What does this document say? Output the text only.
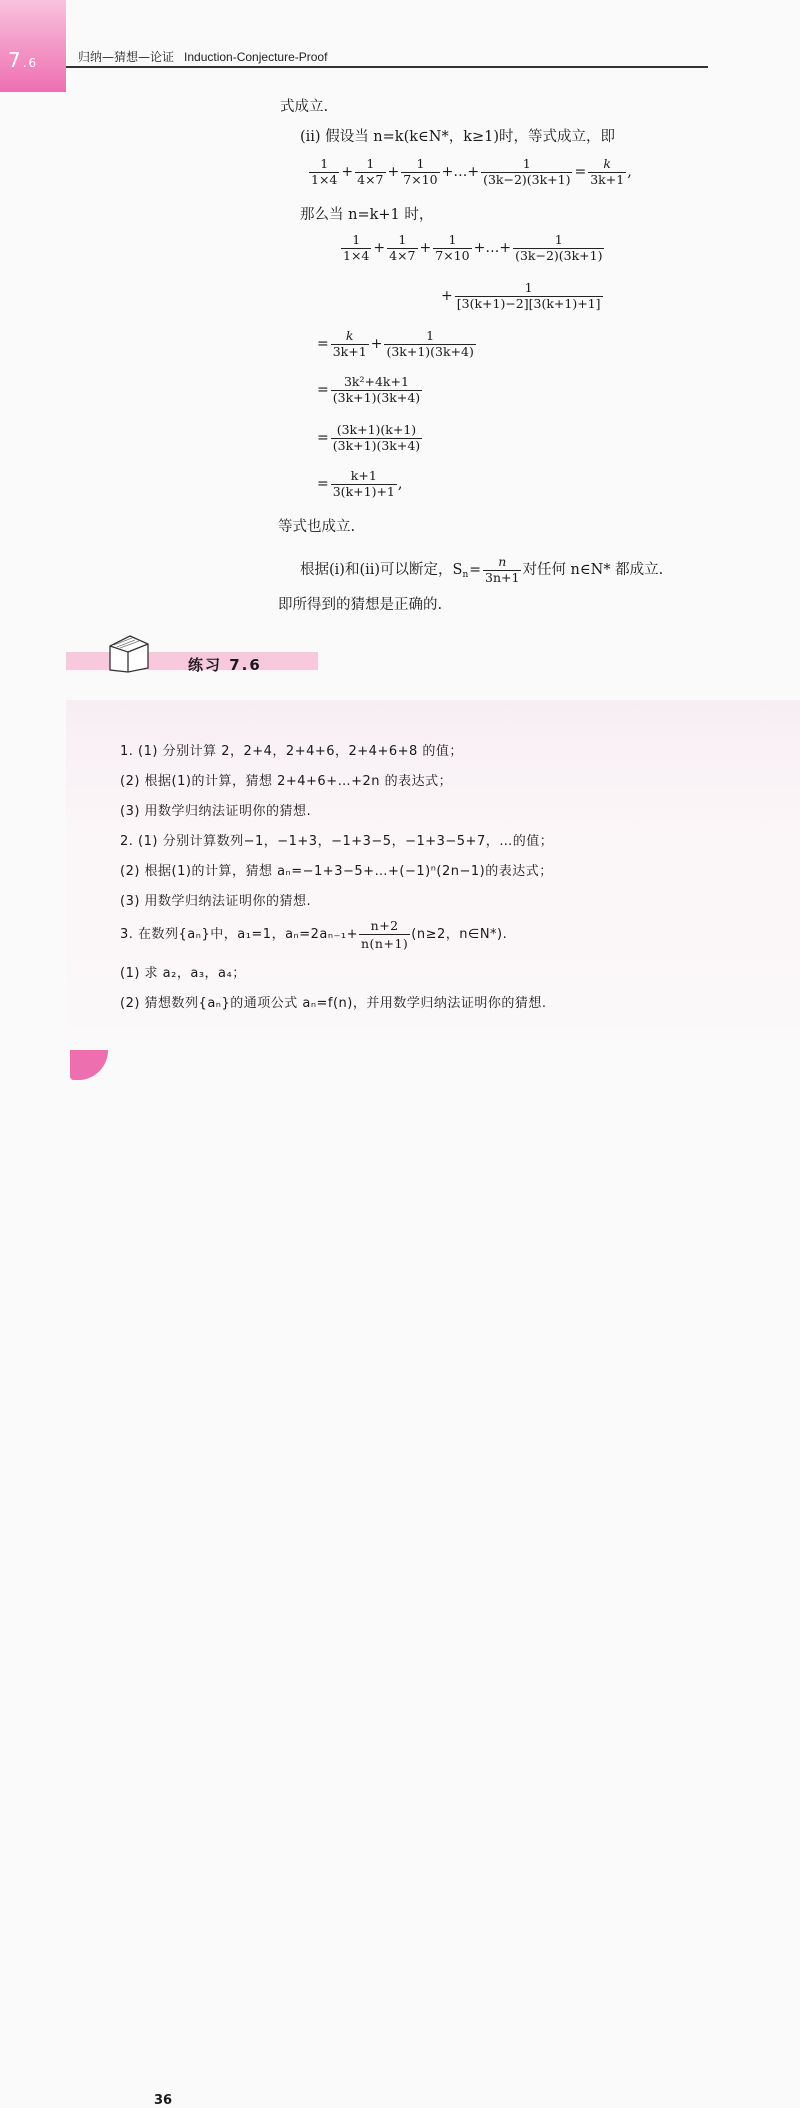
7.6	归纳—猜想—论证 Induction-Conjecture-Proof
式成立.
(ii) 假设当 n=k(k∈N*，k≥1)时，等式成立，即
$\frac{1}{1\times 4} + \frac{1}{4\times 7} + \frac{1}{7\times 10}$ +…+ $\frac{1}{(3k-2)(3k+1)} = \frac{k}{3k+1}$ ,
那么当 n=k+1 时，
$\frac{1}{1\times 4} + \frac{1}{4\times 7} + \frac{1}{7\times 10}$ +…+ $\frac{1}{(3k-2)(3k+1)}$
+ $\frac{1}{[3(k+1)-2][3(k+1)+1]}$
= $\frac{k}{3k+1} + \frac{1}{(3k+1)(3k+4)}$
= $\frac{\text{3k²+4k+1}}{(3k+1)(3k+4)}$
= $\frac{(3k+1)(k+1)}{(3k+1)(3k+4)}$
= $\frac{k+1}{3(k+1)+1}$ ,
等式也成立.
根据(i)和(ii)可以断定，$S_n= \frac{n}{3n+1}$ 对任何 n∈N* 都成立.
即所得到的猜想是正确的.
练习 7.6
1. (1) 分别计算 2，2+4，2+4+6，2+4+6+8 的值；
(2) 根据(1)的计算，猜想 2+4+6+…+2n 的表达式；
(3) 用数学归纳法证明你的猜想.
2. (1) 分别计算数列−1，−1+3，−1+3−5，−1+3−5+7，…的值；
(2) 根据(1)的计算，猜想 aₙ=−1+3−5+…+(−1)ⁿ(2n−1)的表达式；
(3) 用数学归纳法证明你的猜想.
3. 在数列{aₙ}中，a₁=1，$a_n=2a_{n-1}+ \frac{n+2}{n(n+1)} (n\ge 2$，n∈N*).
(1) 求 a₂，a₃，a₄；
(2) 猜想数列{aₙ}的通项公式 aₙ=f(n)，并用数学归纳法证明你的猜想.
36
